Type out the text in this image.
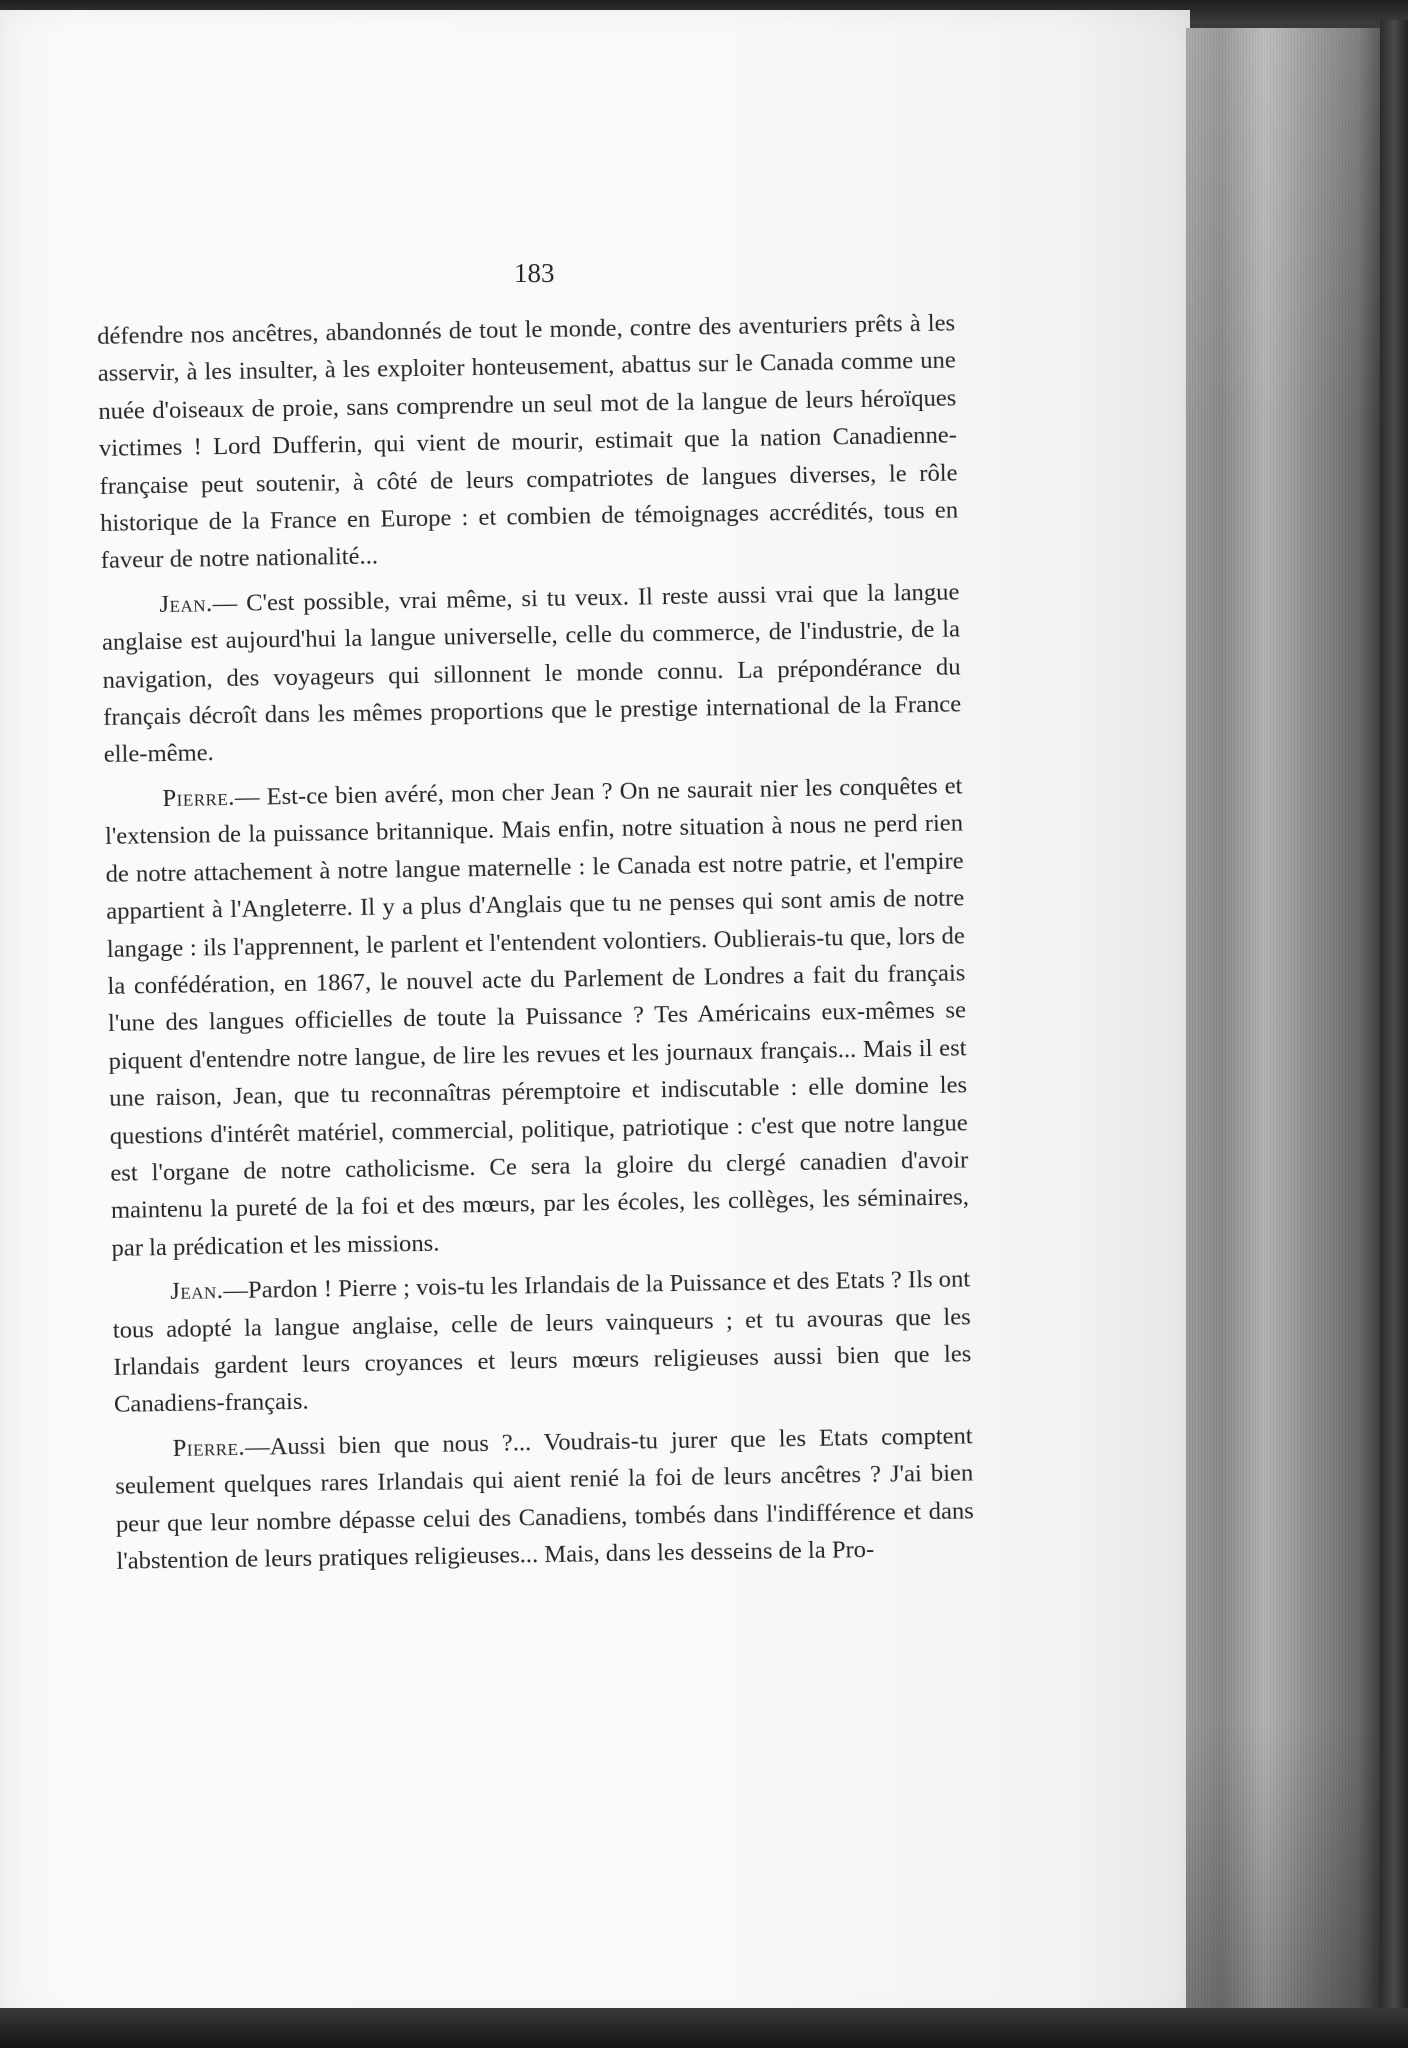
183

défendre nos ancêtres, abandonnés de tout le monde, contre des aventuriers prêts à les asservir, à les insulter, à les exploiter honteusement, abattus sur le Canada comme une nuée d'oiseaux de proie, sans comprendre un seul mot de la langue de leurs héroïques victimes ! Lord Dufferin, qui vient de mourir, estimait que la nation Canadienne-française peut soutenir, à côté de leurs compatriotes de langues diverses, le rôle historique de la France en Europe : et combien de témoignages accrédités, tous en faveur de notre nationalité...

Jean.— C'est possible, vrai même, si tu veux. Il reste aussi vrai que la langue anglaise est aujourd'hui la langue universelle, celle du commerce, de l'industrie, de la navigation, des voyageurs qui sillonnent le monde connu. La prépondérance du français décroît dans les mêmes proportions que le prestige international de la France elle-même.

Pierre.— Est-ce bien avéré, mon cher Jean ? On ne saurait nier les conquêtes et l'extension de la puissance britannique. Mais enfin, notre situation à nous ne perd rien de notre attachement à notre langue maternelle : le Canada est notre patrie, et l'empire appartient à l'Angleterre. Il y a plus d'Anglais que tu ne penses qui sont amis de notre langage : ils l'apprennent, le parlent et l'entendent volontiers. Oublierais-tu que, lors de la confédération, en 1867, le nouvel acte du Parlement de Londres a fait du français l'une des langues officielles de toute la Puissance ? Tes Américains eux-mêmes se piquent d'entendre notre langue, de lire les revues et les journaux français... Mais il est une raison, Jean, que tu reconnaîtras péremptoire et indiscutable : elle domine les questions d'intérêt matériel, commercial, politique, patriotique : c'est que notre langue est l'organe de notre catholicisme. Ce sera la gloire du clergé canadien d'avoir maintenu la pureté de la foi et des mœurs, par les écoles, les collèges, les séminaires, par la prédication et les missions.

Jean.—Pardon ! Pierre ; vois-tu les Irlandais de la Puissance et des Etats ? Ils ont tous adopté la langue anglaise, celle de leurs vainqueurs ; et tu avouras que les Irlandais gardent leurs croyances et leurs mœurs religieuses aussi bien que les Canadiens-français.

Pierre.—Aussi bien que nous ?... Voudrais-tu jurer que les Etats comptent seulement quelques rares Irlandais qui aient renié la foi de leurs ancêtres ? J'ai bien peur que leur nombre dépasse celui des Canadiens, tombés dans l'indifférence et dans l'abstention de leurs pratiques religieuses... Mais, dans les desseins de la Pro-
